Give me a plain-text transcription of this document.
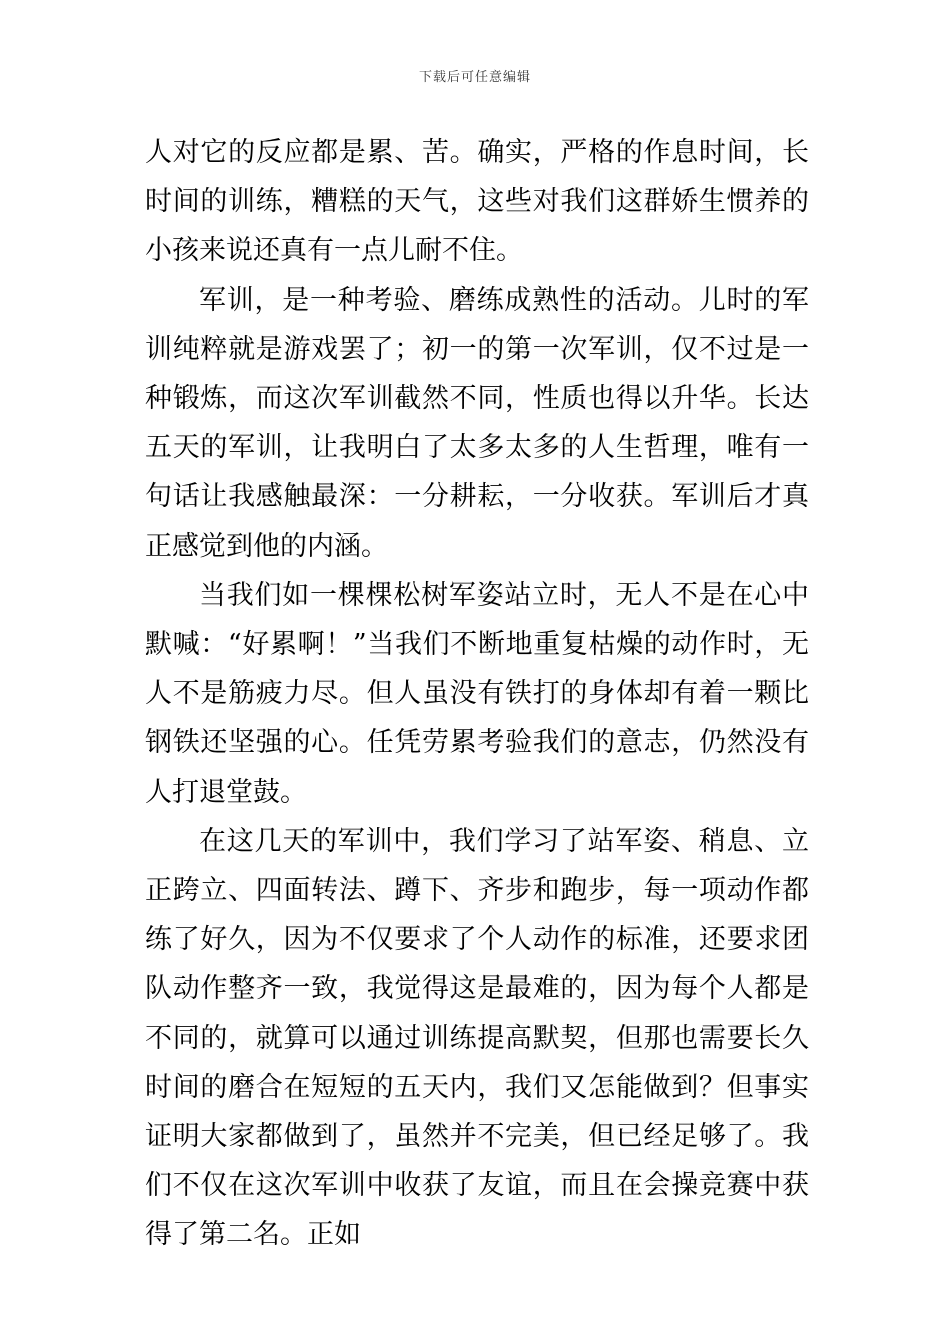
下载后可任意编辑

人对它的反应都是累、苦。确实，严格的作息时间，长时间的训练，糟糕的天气，这些对我们这群娇生惯养的小孩来说还真有一点儿耐不住。

军训，是一种考验、磨练成熟性的活动。儿时的军训纯粹就是游戏罢了；初一的第一次军训，仅不过是一种锻炼，而这次军训截然不同，性质也得以升华。长达五天的军训，让我明白了太多太多的人生哲理，唯有一句话让我感触最深：一分耕耘，一分收获。军训后才真正感觉到他的内涵。

当我们如一棵棵松树军姿站立时，无人不是在心中默喊：“好累啊！”当我们不断地重复枯燥的动作时，无人不是筋疲力尽。但人虽没有铁打的身体却有着一颗比钢铁还坚强的心。任凭劳累考验我们的意志，仍然没有人打退堂鼓。

在这几天的军训中，我们学习了站军姿、稍息、立正跨立、四面转法、蹲下、齐步和跑步，每一项动作都练了好久，因为不仅要求了个人动作的标准，还要求团队动作整齐一致，我觉得这是最难的，因为每个人都是不同的，就算可以通过训练提高默契，但那也需要长久时间的磨合在短短的五天内，我们又怎能做到？但事实证明大家都做到了，虽然并不完美，但已经足够了。我们不仅在这次军训中收获了友谊，而且在会操竞赛中获得了第二名。正如
